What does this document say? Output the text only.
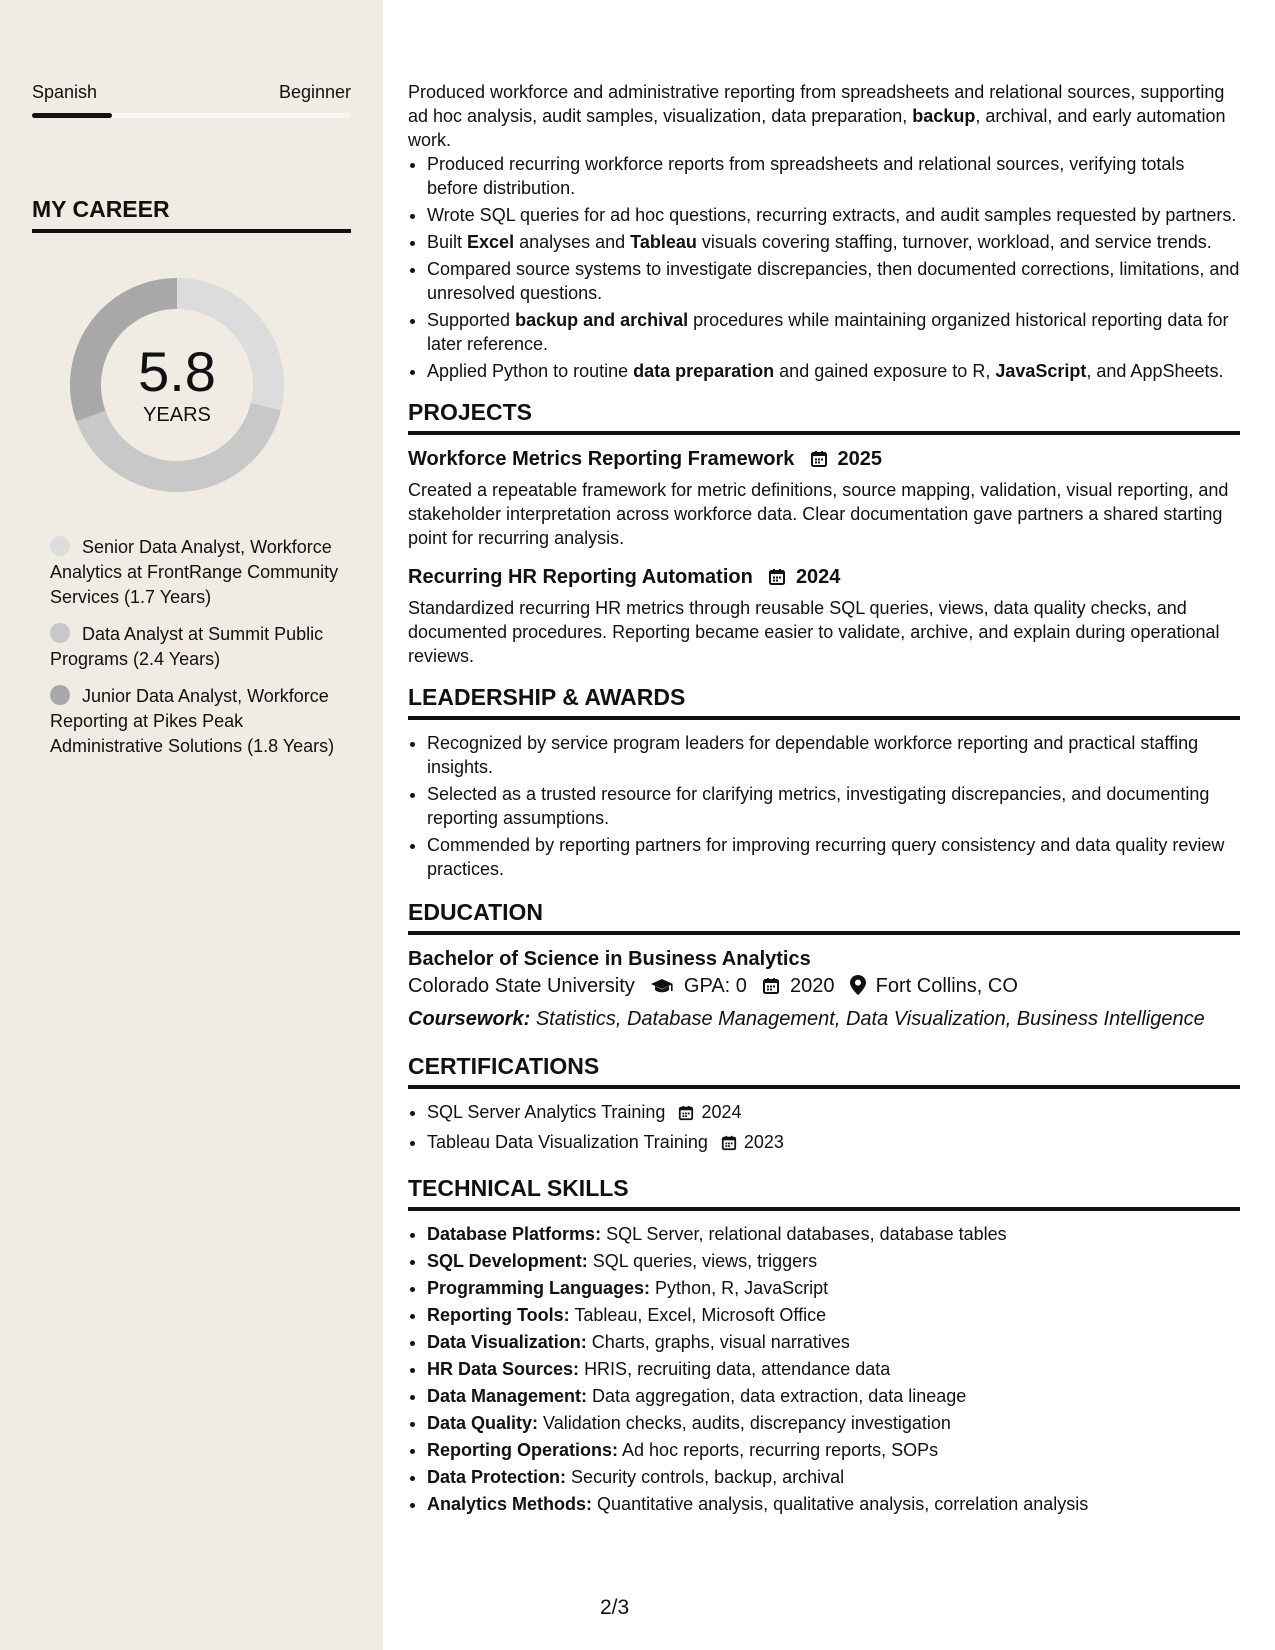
Spanish	Beginner
MY CAREER
5.8
YEARS
Senior Data Analyst, Workforce Analytics at FrontRange Community Services (1.7 Years)
Data Analyst at Summit Public Programs (2.4 Years)
Junior Data Analyst, Workforce Reporting at Pikes Peak Administrative Solutions (1.8 Years)

Produced workforce and administrative reporting from spreadsheets and relational sources, supporting ad hoc analysis, audit samples, visualization, data preparation, backup, archival, and early automation work.

• Produced recurring workforce reports from spreadsheets and relational sources, verifying totals before distribution.
• Wrote SQL queries for ad hoc questions, recurring extracts, and audit samples requested by partners.
• Built Excel analyses and Tableau visuals covering staffing, turnover, workload, and service trends.
• Compared source systems to investigate discrepancies, then documented corrections, limitations, and unresolved questions.
• Supported backup and archival procedures while maintaining organized historical reporting data for later reference.
• Applied Python to routine data preparation and gained exposure to R, JavaScript, and AppSheets.
PROJECTS
Workforce Metrics Reporting Framework 2025

Created a repeatable framework for metric definitions, source mapping, validation, visual reporting, and stakeholder interpretation across workforce data. Clear documentation gave partners a shared starting point for recurring analysis.

Recurring HR Reporting Automation 2024

Standardized recurring HR metrics through reusable SQL queries, views, data quality checks, and documented procedures. Reporting became easier to validate, archive, and explain during operational reviews.

LEADERSHIP & AWARDS
• Recognized by service program leaders for dependable workforce reporting and practical staffing insights.
• Selected as a trusted resource for clarifying metrics, investigating discrepancies, and documenting reporting assumptions.
• Commended by reporting partners for improving recurring query consistency and data quality review practices.
EDUCATION
Bachelor of Science in Business Analytics
Colorado State University GPA: 0 2020 Fort Collins, CO
Coursework: Statistics, Database Management, Data Visualization, Business Intelligence
CERTIFICATIONS
• SQL Server Analytics Training 2024
• Tableau Data Visualization Training 2023
TECHNICAL SKILLS
• Database Platforms: SQL Server, relational databases, database tables
• SQL Development: SQL queries, views, triggers
• Programming Languages: Python, R, JavaScript
• Reporting Tools: Tableau, Excel, Microsoft Office
• Data Visualization: Charts, graphs, visual narratives
• HR Data Sources: HRIS, recruiting data, attendance data
• Data Management: Data aggregation, data extraction, data lineage
• Data Quality: Validation checks, audits, discrepancy investigation
• Reporting Operations: Ad hoc reports, recurring reports, SOPs
• Data Protection: Security controls, backup, archival
• Analytics Methods: Quantitative analysis, qualitative analysis, correlation analysis
2/3
